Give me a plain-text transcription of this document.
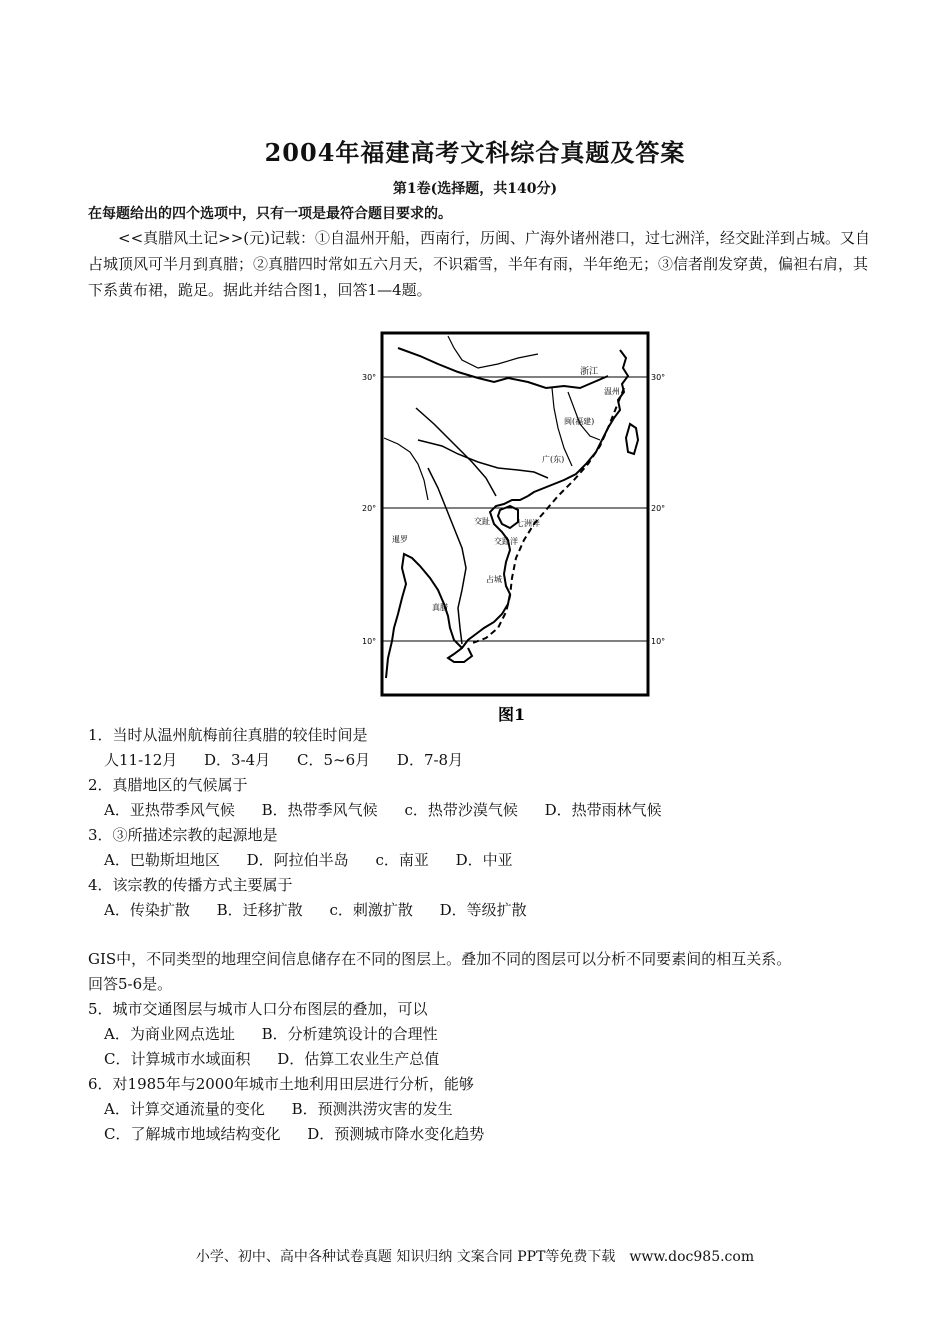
2004年福建高考文科综合真题及答案
第1卷(选择题，共140分)
在每题给出的四个选项中，只有一项是最符合题目要求的。

<<真腊风土记>>(元)记载：①自温州开船，西南行，历闽、广海外诸州港口，过七洲洋，经交趾洋到占城。又自占城顶风可半月到真腊；②真腊四时常如五六月天，不识霜雪，半年有雨，半年绝无；③信者削发穿黄，偏袒右肩，其下系黄布裙，跪足。据此并结合图1，回答1—4题。

30°	30°
20°	20°
10°	10°
浙江
温州
闽(福建)
广(东)
交趾
交趾洋
七洲洋
暹罗
占城
真腊
图1
1．当时从温州航梅前往真腊的较佳时间是
人11-12月 D．3-4月 C．5~6月 D．7-8月
2．真腊地区的气候属于
A．亚热带季风气候 B．热带季风气候 c．热带沙漠气候 D．热带雨林气候
3．③所描述宗教的起源地是
A．巴勒斯坦地区 D．阿拉伯半岛 c．南亚 D．中亚
4．该宗教的传播方式主要属于
A．传染扩散 B．迁移扩散 c．刺激扩散 D．等级扩散
GIS中，不同类型的地理空间信息储存在不同的图层上。叠加不同的图层可以分析不同要素间的相互关系。
回答5-6是。
5．城市交通图层与城市人口分布图层的叠加，可以
A．为商业网点选址 B．分析建筑设计的合理性
C．计算城市水域面积 D．估算工农业生产总值
6．对1985年与2000年城市土地利用田层进行分析，能够
A．计算交通流量的变化 B．预测洪涝灾害的发生
C．了解城市地域结构变化 D．预测城市降水变化趋势
小学、初中、高中各种试卷真题 知识归纳 文案合同 PPT等免费下载　www.doc985.com
